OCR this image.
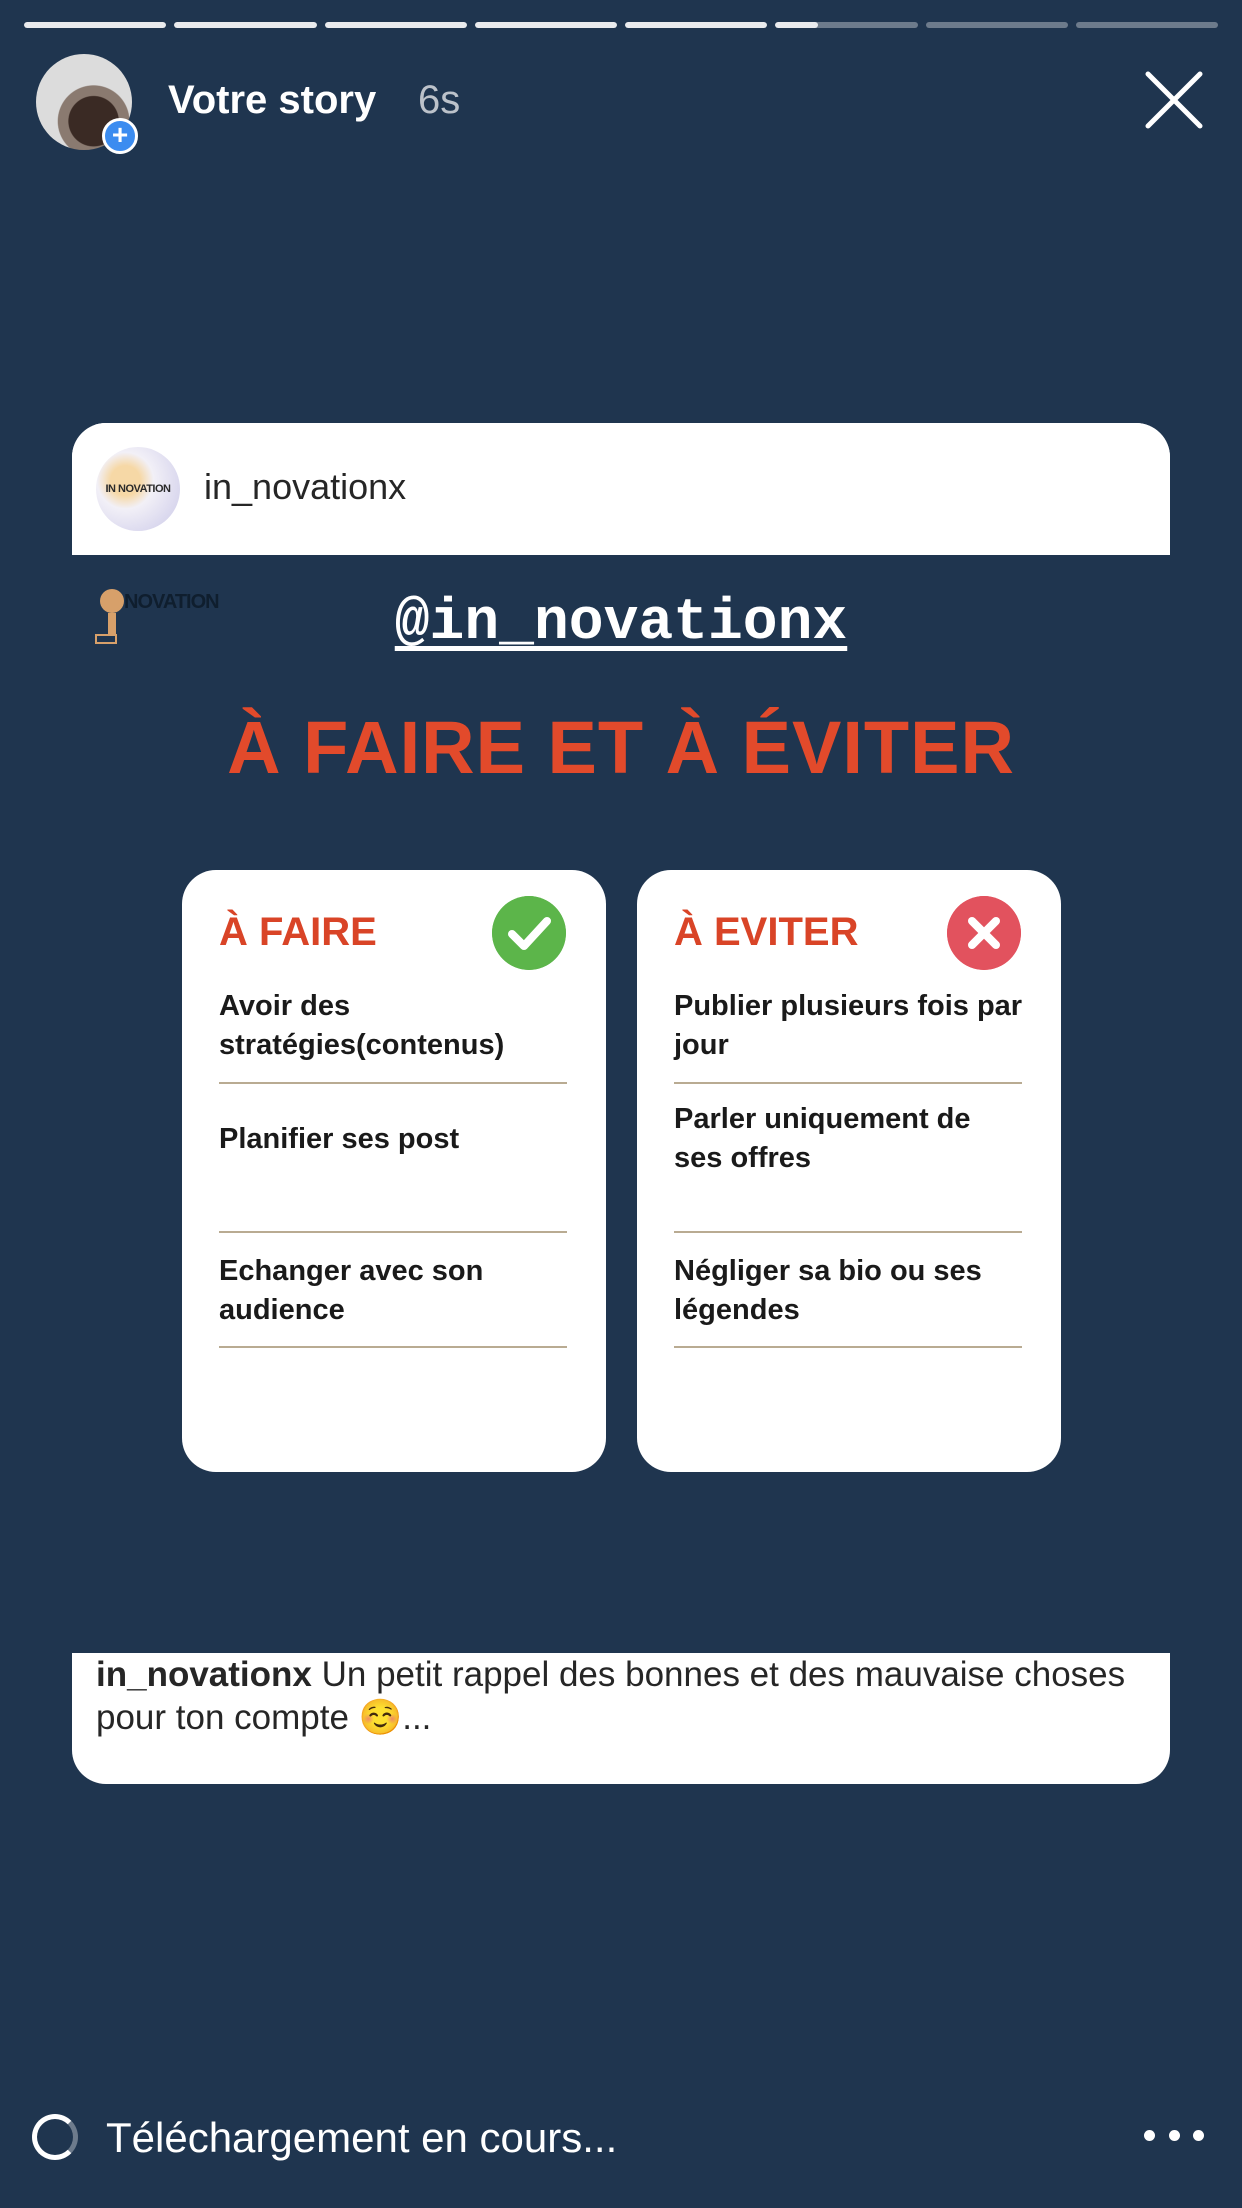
+
Votre story 6s
IN NOVATION in_novationx
NOVATION	@in_novationx
À FAIRE ET À ÉVITER
À FAIRE
Avoir des stratégies(contenus)
Planifier ses post
Echanger avec son audience
À EVITER
Publier plusieurs fois par jour
Parler uniquement de ses offres
Négliger sa bio ou ses légendes
in_novationx Un petit rappel des bonnes et des mauvaise choses pour ton compte ☺️...
Téléchargement en cours...
